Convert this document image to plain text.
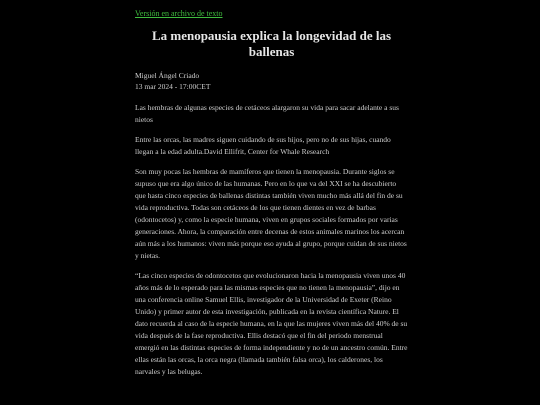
Versión en archivo de texto
La menopausia explica la longevidad de las ballenas
Miguel Ángel Criado
13 mar 2024 - 17:00CET

Las hembras de algunas especies de cetáceos alargaron su vida para sacar adelante a sus nietos

Entre las orcas, las madres siguen cuidando de sus hijos, pero no de sus hijas, cuando llegan a la edad adulta.David Ellifrit, Center for Whale Research

Son muy pocas las hembras de mamíferos que tienen la menopausia. Durante siglos se supuso que era algo único de las humanas. Pero en lo que va del XXI se ha descubierto que hasta cinco especies de ballenas distintas también viven mucho más allá del fin de su vida reproductiva. Todas son cetáceos de los que tienen dientes en vez de barbas (odontocetos) y, como la especie humana, viven en grupos sociales formados por varias generaciones. Ahora, la comparación entre decenas de estos animales marinos los acercan aún más a los humanos: viven más porque eso ayuda al grupo, porque cuidan de sus nietos y nietas.

“Las cinco especies de odontocetos que evolucionaron hacia la menopausia viven unos 40 años más de lo esperado para las mismas especies que no tienen la menopausia”, dijo en una conferencia online Samuel Ellis, investigador de la Universidad de Exeter (Reino Unido) y primer autor de esta investigación, publicada en la revista científica Nature. El dato recuerda al caso de la especie humana, en la que las mujeres viven más del 40% de su vida después de la fase reproductiva. Ellis destacó que el fin del periodo menstrual emergió en las distintas especies de forma independiente y no de un ancestro común. Entre ellas están las orcas, la orca negra (llamada también falsa orca), los calderones, los narvales y las belugas.
